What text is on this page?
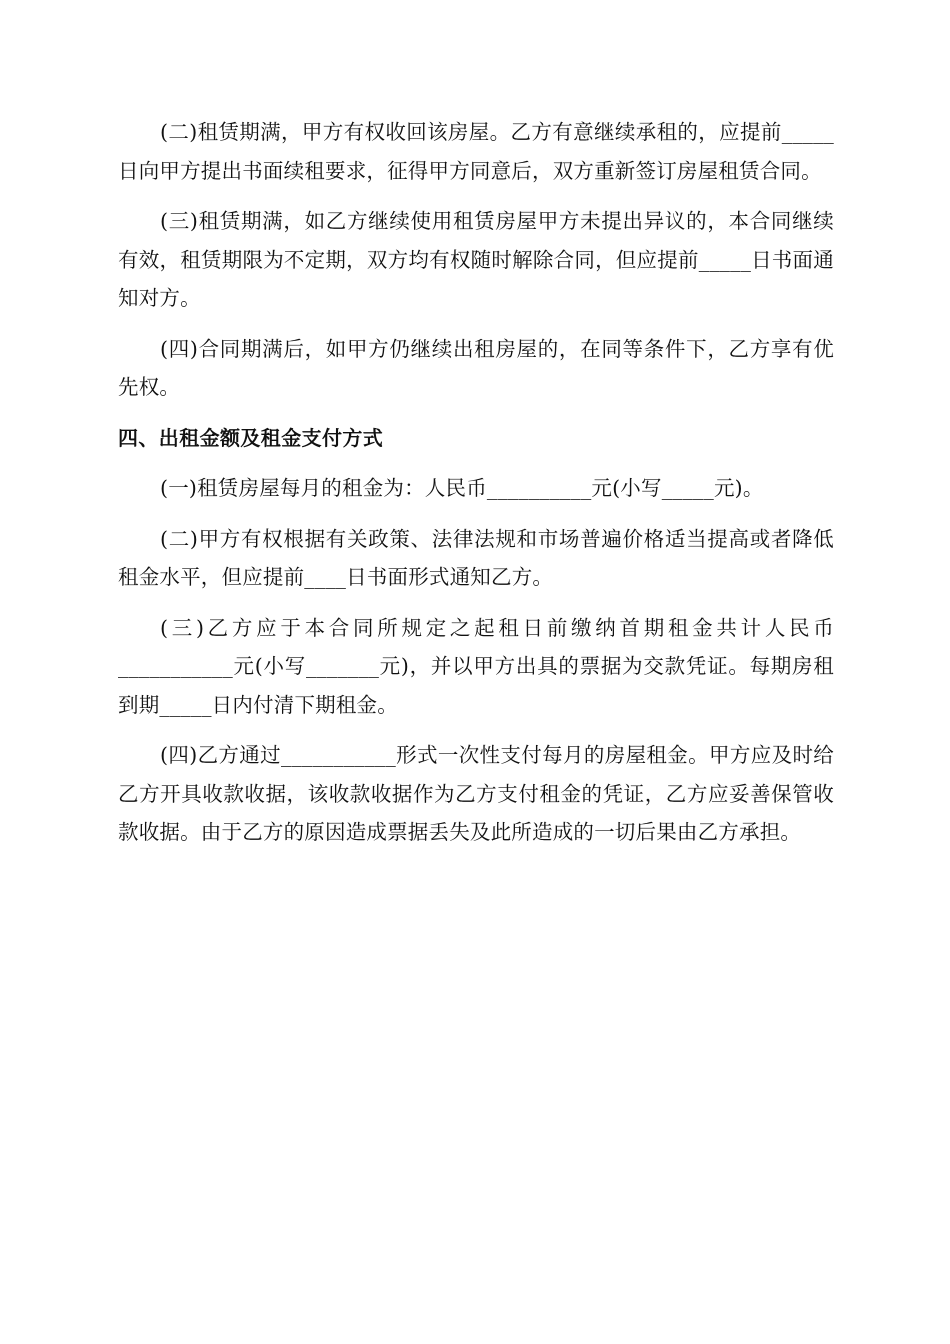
(二)租赁期满，甲方有权收回该房屋。乙方有意继续承租的，应提前_____日向甲方提出书面续租要求，征得甲方同意后，双方重新签订房屋租赁合同。

(三)租赁期满，如乙方继续使用租赁房屋甲方未提出异议的，本合同继续有效，租赁期限为不定期，双方均有权随时解除合同，但应提前_____日书面通知对方。

(四)合同期满后，如甲方仍继续出租房屋的，在同等条件下，乙方享有优先权。

四、出租金额及租金支付方式

(一)租赁房屋每月的租金为：人民币__________元(小写_____元)。

(二)甲方有权根据有关政策、法律法规和市场普遍价格适当提高或者降低租金水平，但应提前____日书面形式通知乙方。

(三)乙方应于本合同所规定之起租日前缴纳首期租金共计人民币___________元(小写_______元)，并以甲方出具的票据为交款凭证。每期房租到期_____日内付清下期租金。

(四)乙方通过___________形式一次性支付每月的房屋租金。甲方应及时给乙方开具收款收据，该收款收据作为乙方支付租金的凭证，乙方应妥善保管收款收据。由于乙方的原因造成票据丢失及此所造成的一切后果由乙方承担。
